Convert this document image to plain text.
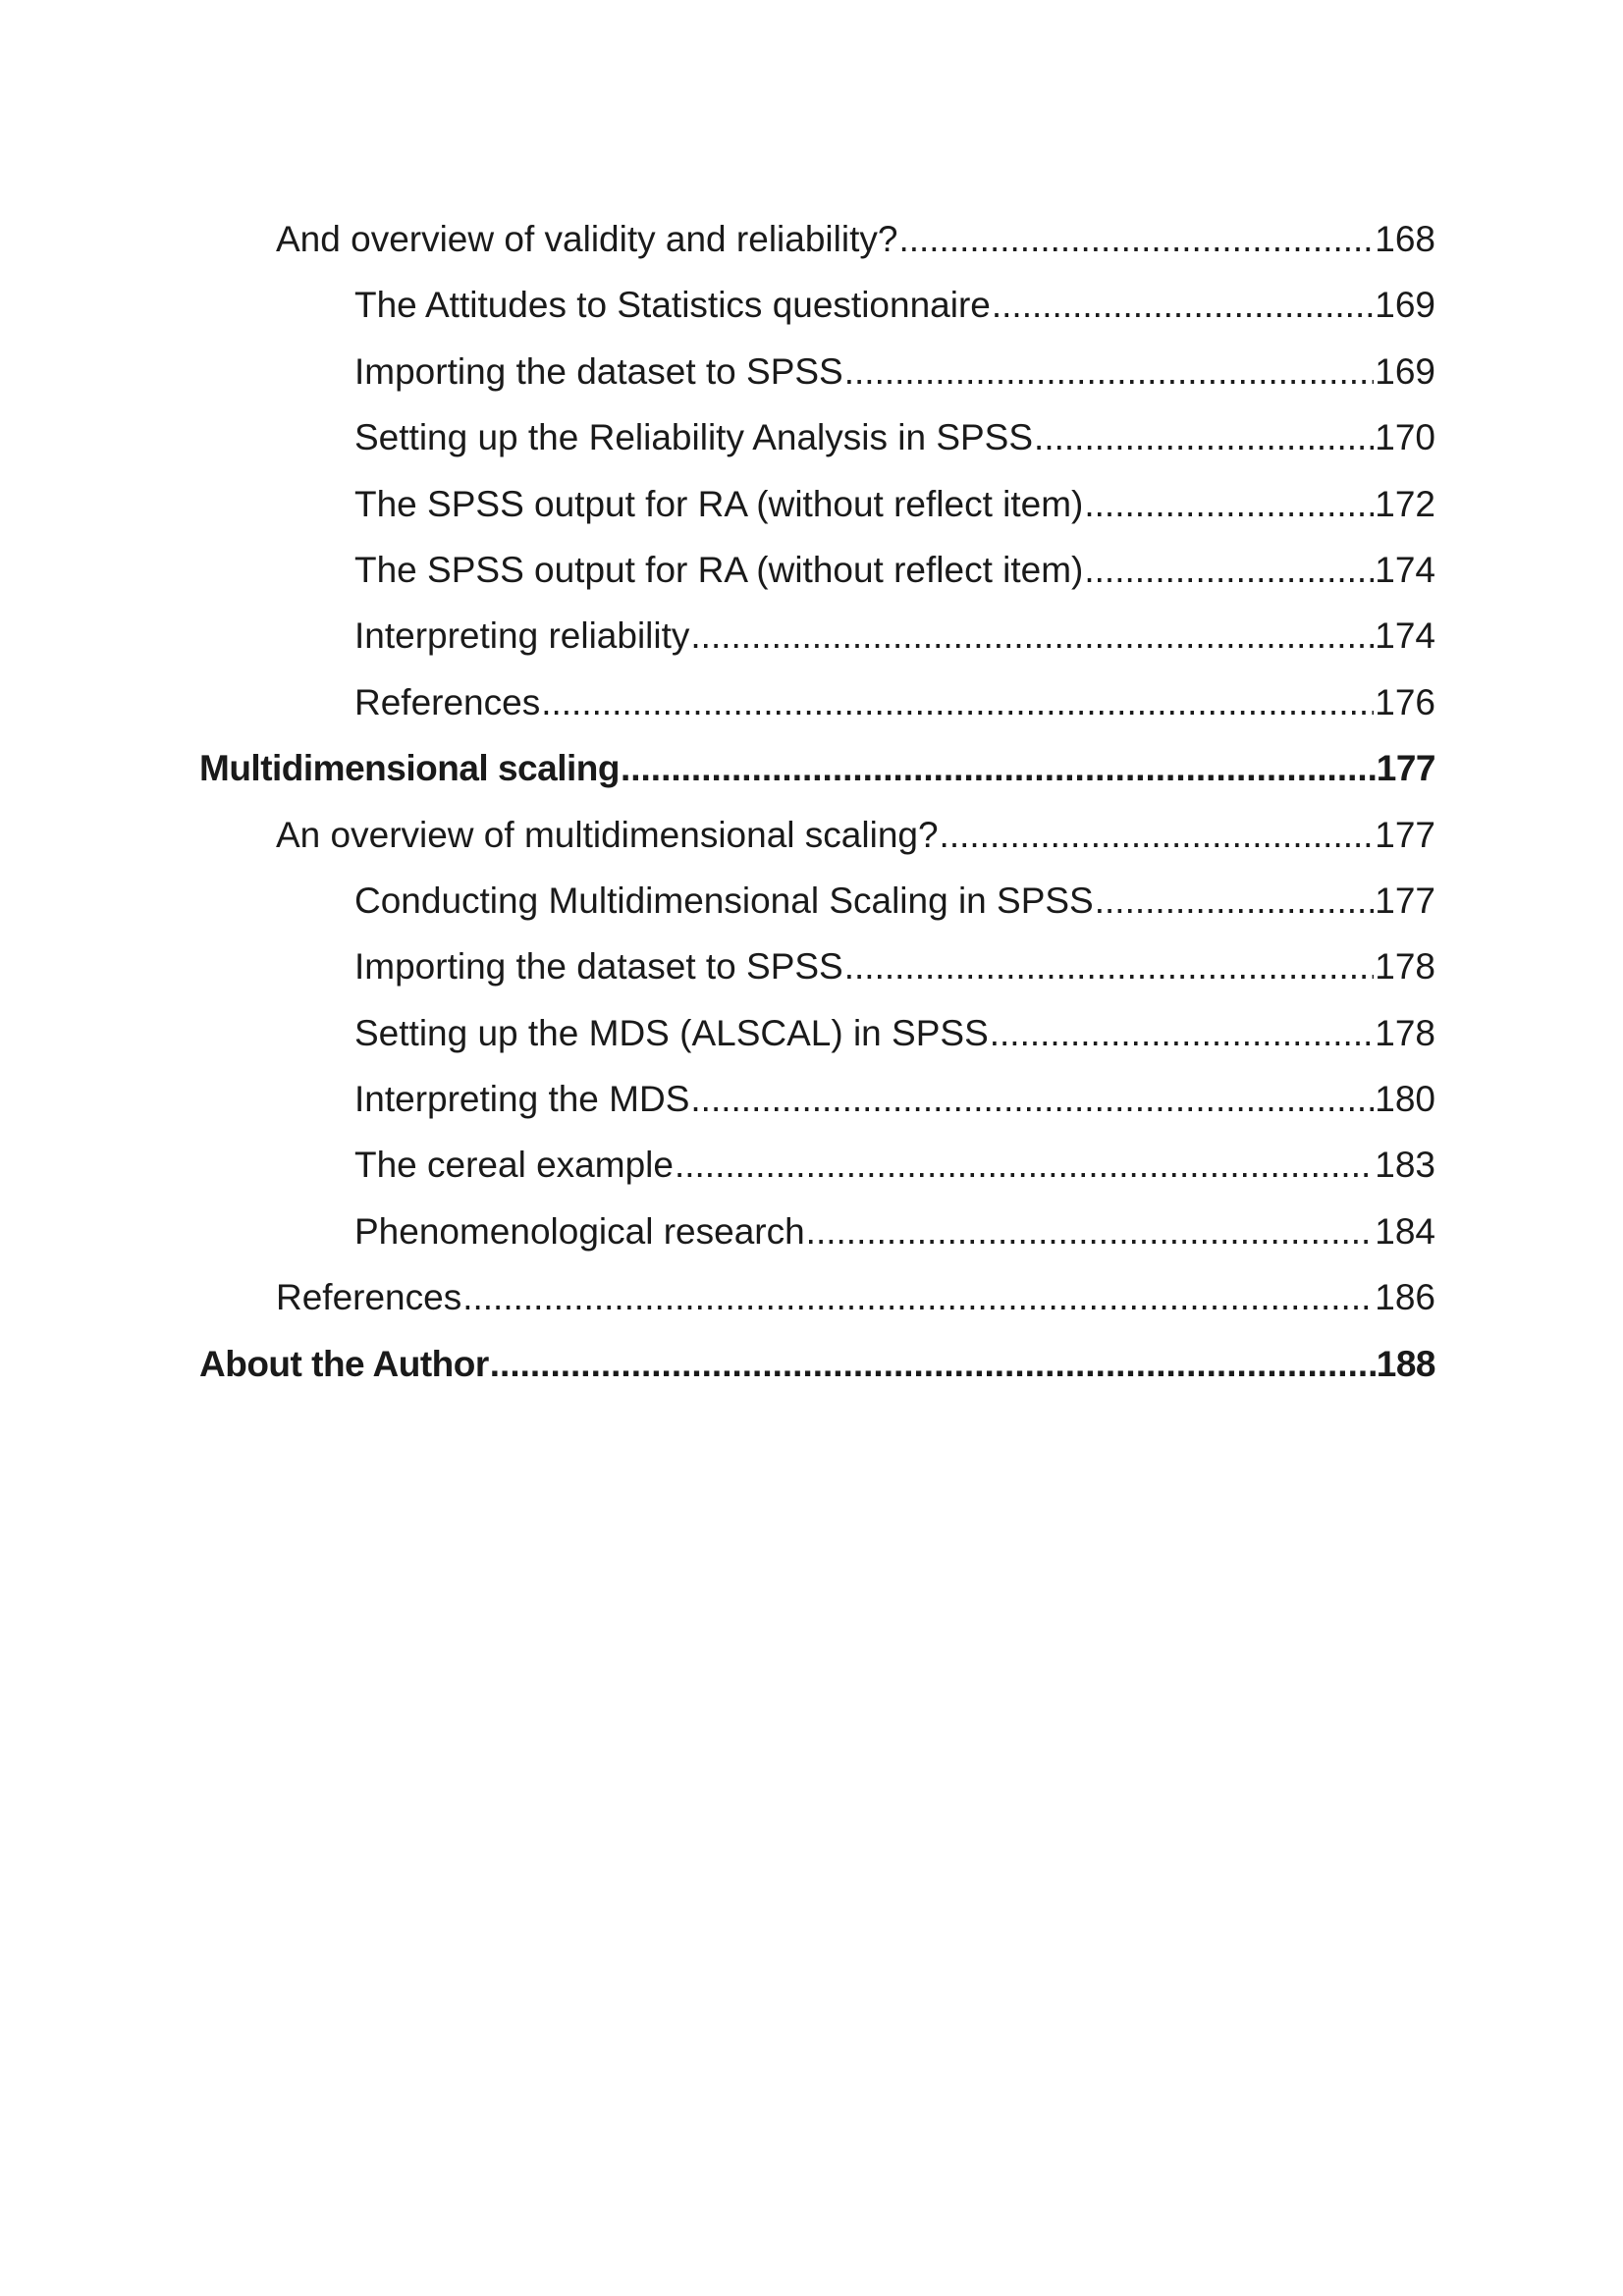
And overview of validity and reliability? .....	168
The Attitudes to Statistics questionnaire .....	169
Importing the dataset to SPSS .....	169
Setting up the Reliability Analysis in SPSS .....	170
The SPSS output for RA (without reflect item) .....	172
The SPSS output for RA (without reflect item) .....	174
Interpreting reliability .....	174
References .....	176
Multidimensional scaling .....	177
An overview of multidimensional scaling? .....	177
Conducting Multidimensional Scaling in SPSS .....	177
Importing the dataset to SPSS .....	178
Setting up the MDS (ALSCAL) in SPSS .....	178
Interpreting the MDS .....	180
The cereal example .....	183
Phenomenological research .....	184
References .....	186
About the Author .....	188
